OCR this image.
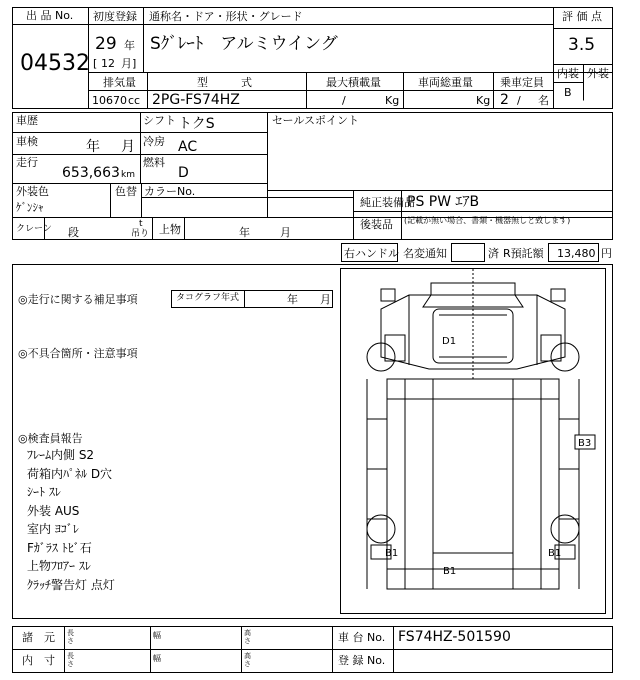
出 品 No.
04532
初度登録
29 年
[ 12 月 ]
通称名・ドア・形状・グレード
Sｸﾞﾚｰﾄ　アルミウイング
評 価 点
3.5
内装 外装
B
排気量
10670 cc
型　　　式
2PG-FS74HZ
最大積載量
/	Kg
車両総重量
Kg
乗車定員
2 / 名
車歴	シフト トクS
車検	年 月 冷房 AC
走行
653,663 km
燃料
D
セールスポイント
外装色
ｹﾞﾝｼｬ
色替 カラーNo.
純正装備品
PS PW ｴｱB
後装品 (記載が無い場合、書類・機器無しと致します)
クレーン 段
t
吊り 上物	年	月
右ハンドル 名変通知	済 R預託額 13,480 円
◎走行に関する補足事項	タコグラフ年式	年 月
◎不具合箇所・注意事項
◎検査員報告
ﾌﾚｰﾑ内側 S2
荷箱内ﾊﾟﾈﾙ D穴
ｼｰﾄ ｽﾚ
外装 AUS
室内 ﾖｺﾞﾚ
Fｶﾞﾗｽ ﾄﾋﾞ石
上物ﾌﾛｱｰ ｽﾚ
ｸﾗｯﾁ警告灯 点灯
D1
B3
B1	B1
B1
諸　元
内　寸
長さ
幅	高さ
長さ
幅	高さ
車 台 No. FS74HZ-501590
登 録 No.
